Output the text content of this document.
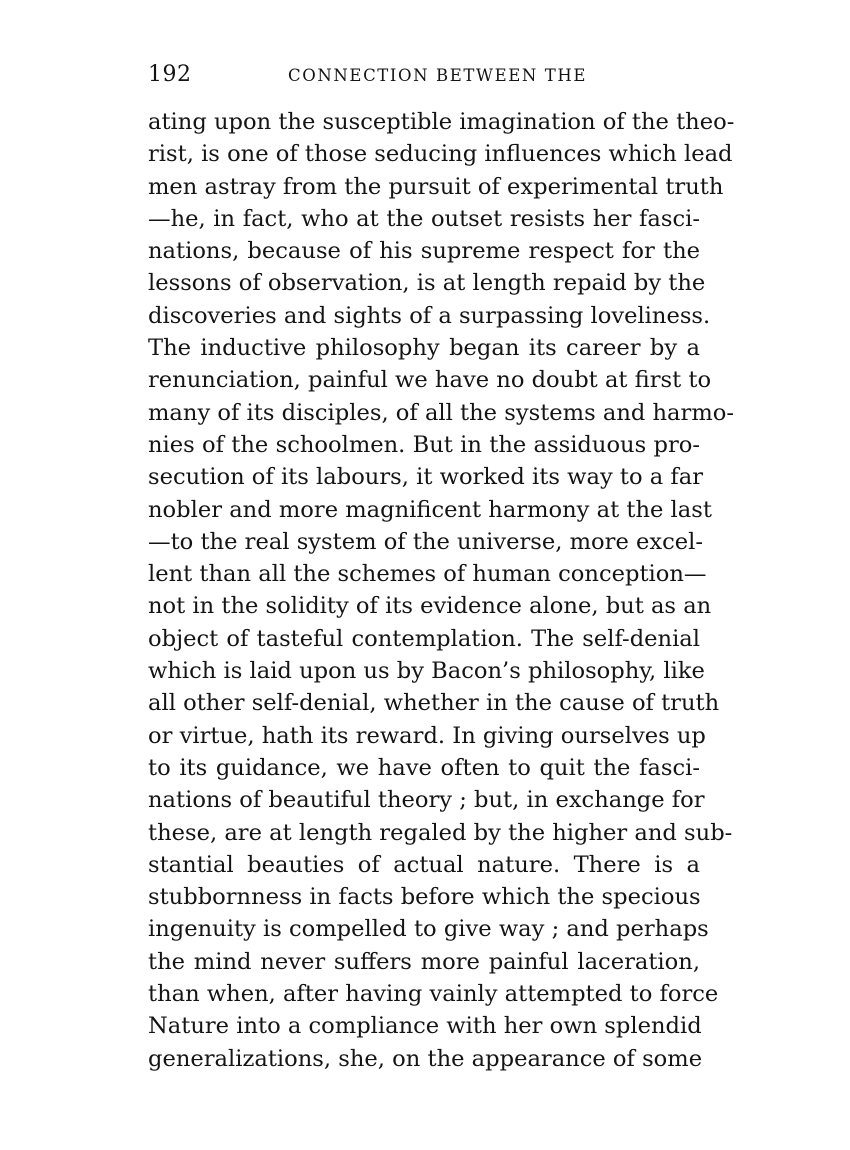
192	CONNECTION BETWEEN THE
ating upon the susceptible imagination of the theo-
rist, is one of those seducing influences which lead
men astray from the pursuit of experimental truth
—he, in fact, who at the outset resists her fasci-
nations, because of his supreme respect for the
lessons of observation, is at length repaid by the
discoveries and sights of a surpassing loveliness.
The inductive philosophy began its career by a
renunciation, painful we have no doubt at first to
many of its disciples, of all the systems and harmo-
nies of the schoolmen. But in the assiduous pro-
secution of its labours, it worked its way to a far
nobler and more magnificent harmony at the last
—to the real system of the universe, more excel-
lent than all the schemes of human conception—
not in the solidity of its evidence alone, but as an
object of tasteful contemplation. The self-denial
which is laid upon us by Bacon’s philosophy, like
all other self-denial, whether in the cause of truth
or virtue, hath its reward. In giving ourselves up
to its guidance, we have often to quit the fasci-
nations of beautiful theory ; but, in exchange for
these, are at length regaled by the higher and sub-
stantial beauties of actual nature. There is a
stubbornness in facts before which the specious
ingenuity is compelled to give way ; and perhaps
the mind never suffers more painful laceration,
than when, after having vainly attempted to force
Nature into a compliance with her own splendid
generalizations, she, on the appearance of some
